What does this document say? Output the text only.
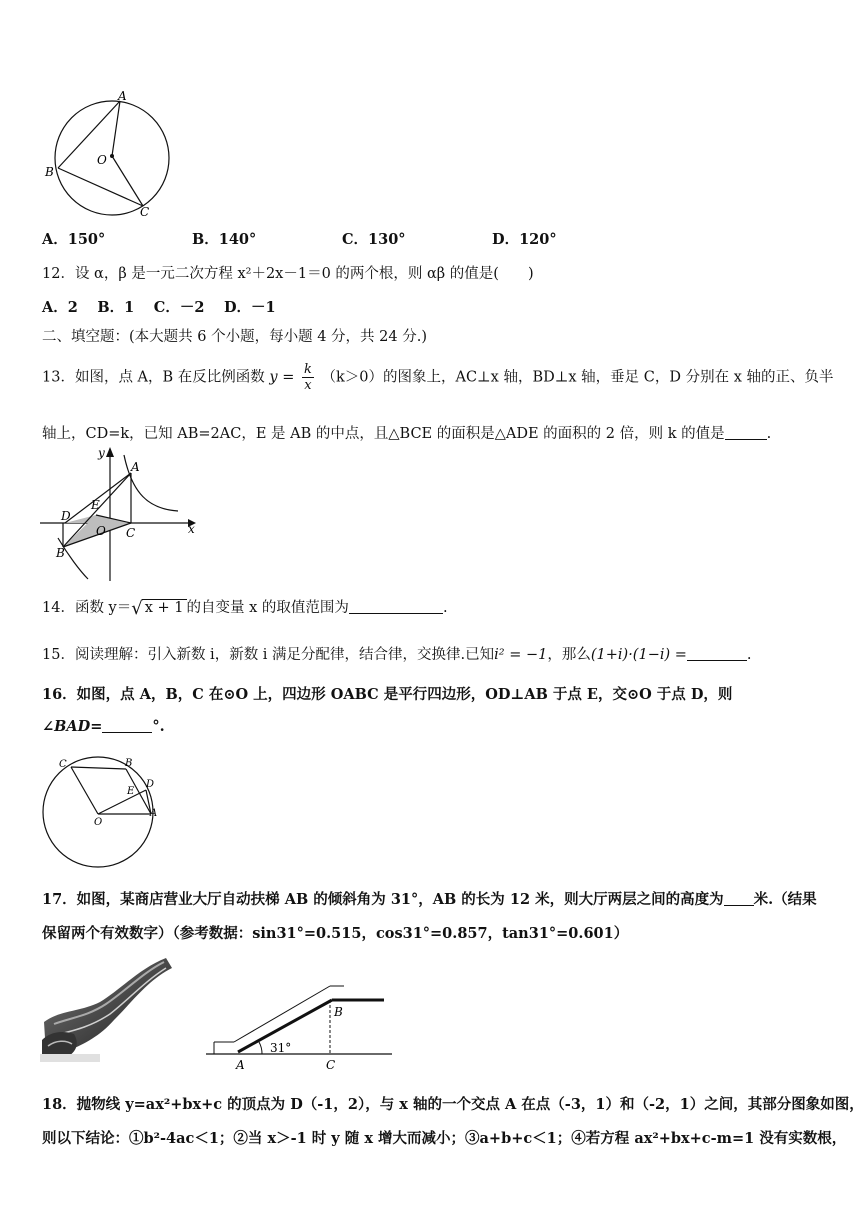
A
O
B
C
A．150°	B．140°	C．130°	D．120°
12．设 α，β 是一元二次方程 x²＋2x－1＝0 的两个根，则 αβ 的值是(　　)
A．2　 B．1　 C．－2　 D．－1
二、填空题：(本大题共 6 个小题，每小题 4 分，共 24 分.)
13．如图，点 A，B 在反比例函数 $y = \frac{k}{x} (k>0)$的图象上，AC⊥x 轴，BD⊥x 轴，垂足 C，D 分别在 x 轴的正、负半
轴上，CD=k，已知 AB=2AC，E 是 AB 的中点，且△BCE 的面积是△ADE 的面积的 2 倍，则 k 的值是	.
y
A
E
D
O C
B
x
14．函数 y＝√ x + 1 的自变量 x 的取值范围为	.
15．阅读理解：引入新数 i，新数 i 满足分配律，结合律，交换律.已知i² = −1，那么(1+i)·(1−i) =	.
16．如图，点 A，B，C 在⊙O 上，四边形 OABC 是平行四边形，OD⊥AB 于点 E，交⊙O 于点 D，则
∠BAD=	°.
C	B
D
E
O
A
17．如图，某商店营业大厅自动扶梯 AB 的倾斜角为 31°，AB 的长为 12 米，则大厅两层之间的高度为 米.（结果
保留两个有效数字）（参考数据：sin31°=0.515，cos31°=0.857，tan31°=0.601）
B
31°
A	C
18．抛物线 y=ax²+bx+c 的顶点为 D（-1，2），与 x 轴的一个交点 A 在点（-3，1）和（-2，1）之间，其部分图象如图，
则以下结论：①b²-4ac＜1；②当 x＞-1 时 y 随 x 增大而减小；③a+b+c＜1；④若方程 ax²+bx+c-m=1 没有实数根，
